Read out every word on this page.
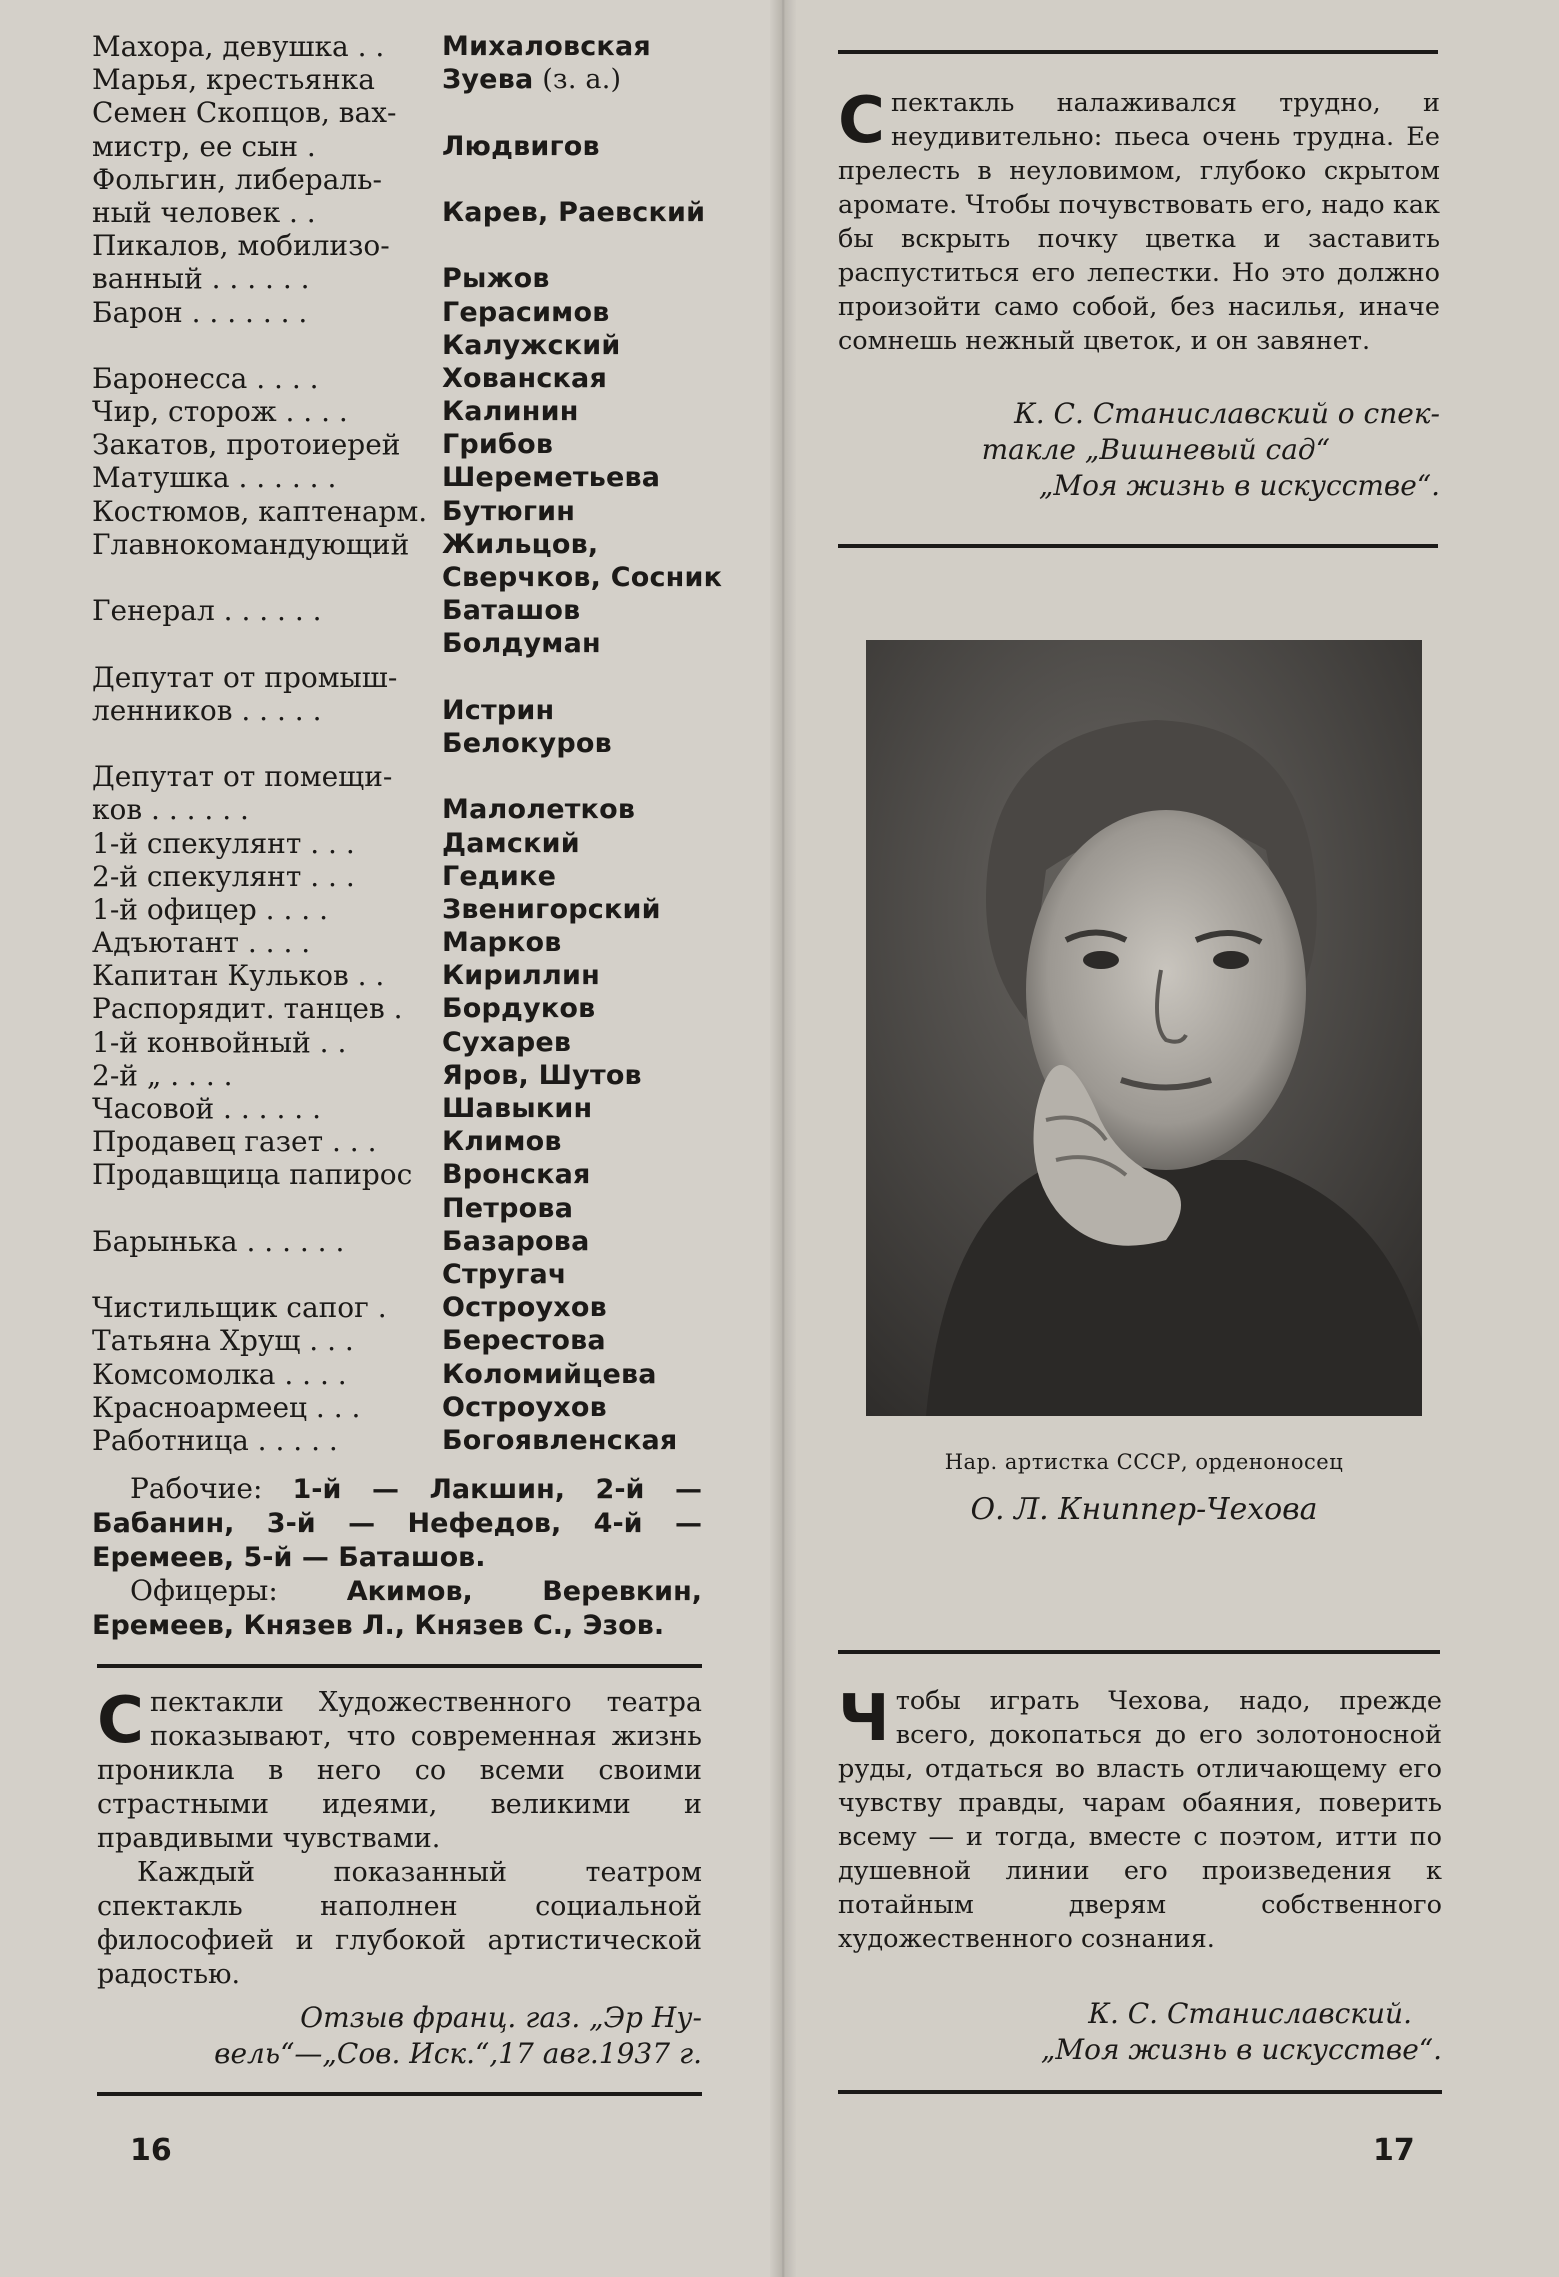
Махора, девушка . . Михаловская
Марья, крестьянка Зуева (з. а.)
Семен Скопцов, вах-
мистр, ее сын .	Людвигов
Фольгин, либераль-
ный человек . .	Карев, Раевский
Пикалов, мобилизо-
ванный . . . . . .	Рыжов
Барон . . . . . . .	Герасимов
Калужский
Баронесса . . . .	Хованская
Чир, сторож . . . .	Калинин
Закатов, протоиерей Грибов
Матушка . . . . . .	Шереметьева
Костюмов, каптенарм. Бутюгин
Главнокомандующий Жильцов,
Сверчков, Сосник
Генерал . . . . . .	Баташов
Болдуман
Депутат от промыш-
ленников . . . . .	Истрин
Белокуров
Депутат от помещи-
ков . . . . . .	Малолетков
1-й спекулянт . . .	Дамский
2-й спекулянт . . .	Гедике
1-й офицер . . . .	Звенигорский
Адъютант . . . .	Марков
Капитан Кульков . . Кириллин
Распорядит. танцев . Бордуков
1-й конвойный . .	Сухарев
2-й „ . . . .	Яров, Шутов
Часовой . . . . . .	Шавыкин
Продавец газет . . . Климов
Продавщица папирос Вронская
Петрова
Барынька . . . . . .	Базарова
Стругач
Чистильщик сапог . Остроухов
Татьяна Хрущ . . .	Берестова
Комсомолка . . . .	Коломийцева
Красноармеец . . .	Остроухов
Работница . . . . .	Богоявленская

Рабочие: 1-й — Лакшин, 2-й — Бабанин, 3-й — Нефедов, 4-й — Еремеев, 5-й — Баташов.

Офицеры: Акимов, Веревкин, Еремеев, Князев Л., Князев С., Эзов.

Спектакли Художественного театра показывают, что современная жизнь проникла в него со всеми своими страстными идеями, великими и правдивыми чувствами.

Каждый показанный театром спектакль наполнен социальной философией и глубокой артистической радостью.

Отзыв франц. газ. „Эр Ну-
вель“—„Сов. Иск.“,17 авг.1937 г.
16

Спектакль налаживался трудно, и неудивительно: пьеса очень трудна. Ее прелесть в неуловимом, глубоко скрытом аромате. Чтобы почувствовать его, надо как бы вскрыть почку цветка и заставить распуститься его лепестки. Но это должно произойти само собой, без насилья, иначе сомнешь нежный цветок, и он завянет.

К. С. Станиславский о спек-
такле „Вишневый сад“
„Моя жизнь в искусстве“.
Нар. артистка СССР, орденоносец
О. Л. Книппер-Чехова

Чтобы играть Чехова, надо, прежде всего, докопаться до его золотоносной руды, отдаться во власть отличающему его чувству правды, чарам обаяния, поверить всему — и тогда, вместе с поэтом, итти по душевной линии его произведения к потайным дверям собственного художественного сознания.

К. С. Станиславский.
„Моя жизнь в искусстве“.
17
